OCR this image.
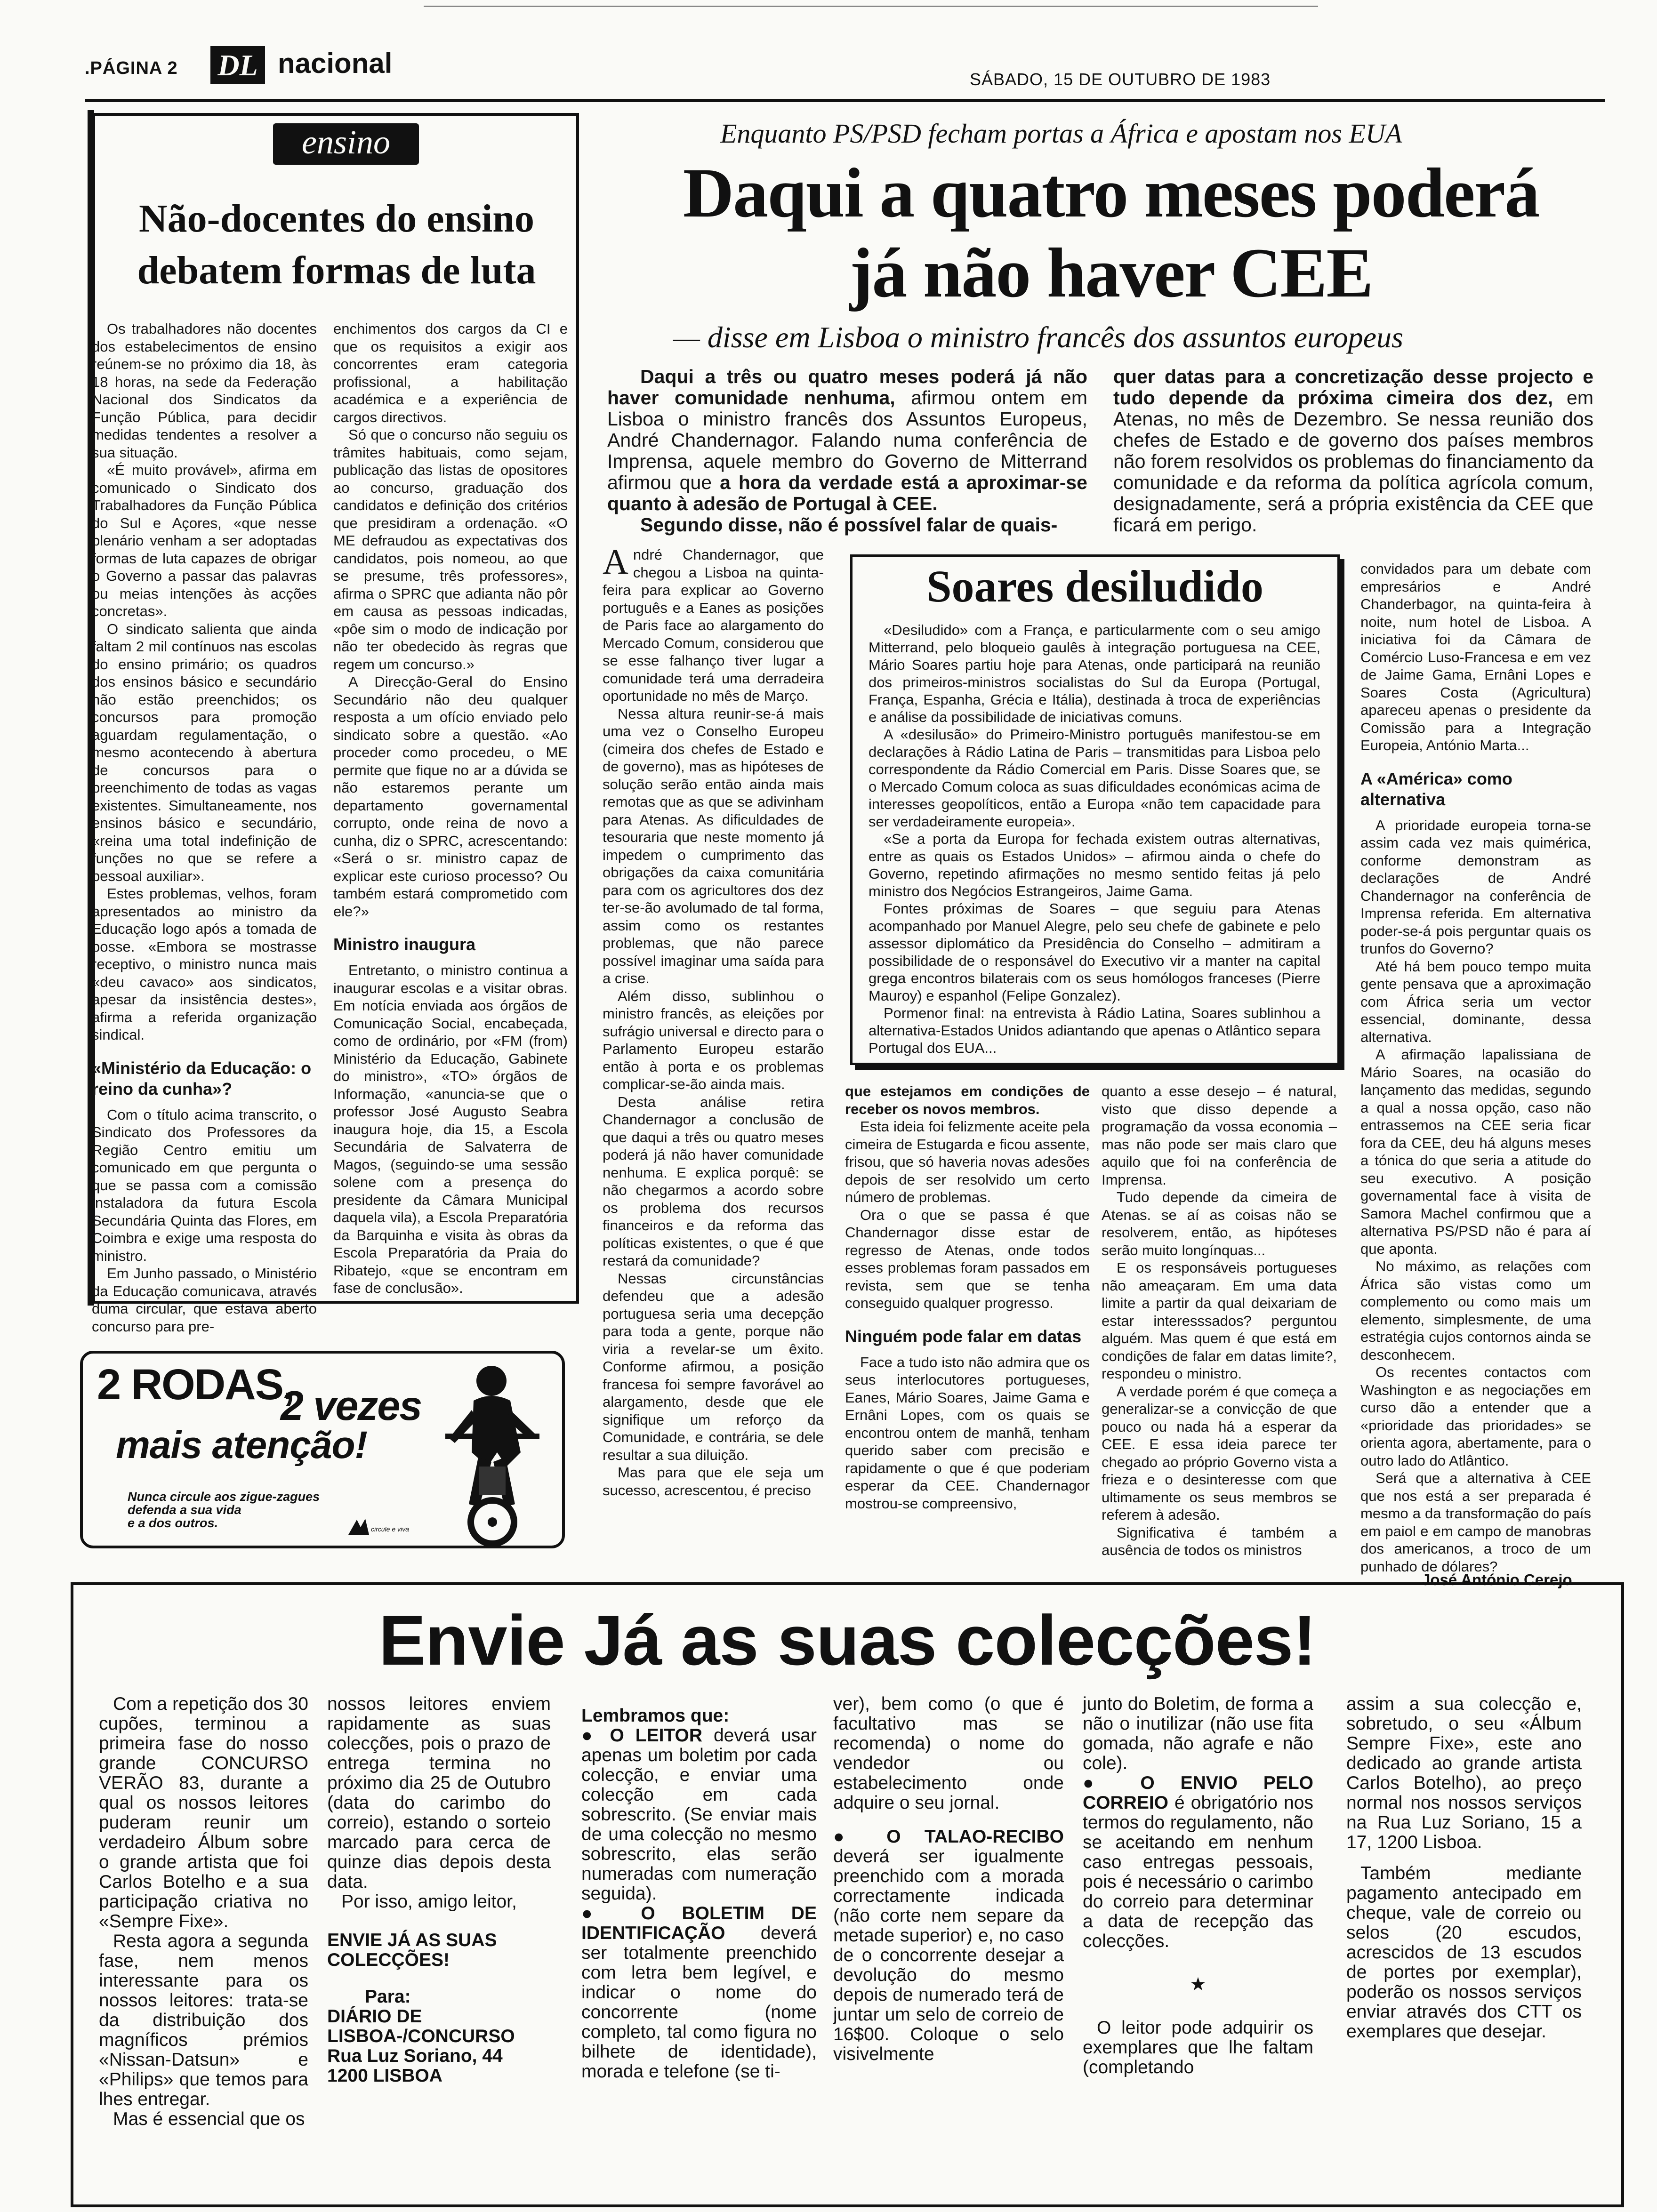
.PÁGINA 2 DL nacional
SÁBADO, 15 DE OUTUBRO DE 1983
ensino
Não-docentes do ensino
debatem formas de luta

Os trabalhadores não docentes dos estabelecimentos de ensino reúnem-se no próximo dia 18, às 18 horas, na sede da Federação Nacional dos Sindicatos da Função Pública, para decidir medidas tendentes a resolver a sua situação.

«É muito provável», afirma em comunicado o Sindicato dos Trabalhadores da Função Pública do Sul e Açores, «que nesse plenário venham a ser adoptadas formas de luta capazes de obrigar o Governo a passar das palavras ou meias intenções às acções concretas».

O sindicato salienta que ainda faltam 2 mil contínuos nas escolas do ensino primário; os quadros dos ensinos básico e secundário não estão preenchidos; os concursos para promoção aguardam regulamentação, o mesmo acontecendo à abertura de concursos para o preenchimento de todas as vagas existentes. Simultaneamente, nos ensinos básico e secundário, «reina uma total indefinição de funções no que se refere a pessoal auxiliar».

Estes problemas, velhos, foram apresentados ao ministro da Educação logo após a tomada de posse. «Embora se mostrasse receptivo, o ministro nunca mais «deu cavaco» aos sindicatos, apesar da insistência destes», afirma a referida organização sindical.

«Ministério da Educação: o reino da cunha»?

Com o título acima transcrito, o Sindicato dos Professores da Região Centro emitiu um comunicado em que pergunta o que se passa com a comissão instaladora da futura Escola Secundária Quinta das Flores, em Coimbra e exige uma resposta do ministro.

Em Junho passado, o Ministério da Educação comunicava, através duma circular, que estava aberto concurso para pre-

enchimentos dos cargos da CI e que os requisitos a exigir aos concorrentes eram categoria profissional, a habilitação académica e a experiência de cargos directivos.

Só que o concurso não seguiu os trâmites habituais, como sejam, publicação das listas de opositores ao concurso, graduação dos candidatos e definição dos critérios que presidiram a ordenação. «O ME defraudou as expectativas dos candidatos, pois nomeou, ao que se presume, três professores», afirma o SPRC que adianta não pôr em causa as pessoas indicadas, «pôe sim o modo de indicação por não ter obedecido às regras que regem um concurso.»

A Direcção-Geral do Ensino Secundário não deu qualquer resposta a um ofício enviado pelo sindicato sobre a questão. «Ao proceder como procedeu, o ME permite que fique no ar a dúvida se não estaremos perante um departamento governamental corrupto, onde reina de novo a cunha, diz o SPRC, acrescentando: «Será o sr. ministro capaz de explicar este curioso processo? Ou também estará comprometido com ele?»

Ministro inaugura

Entretanto, o ministro continua a inaugurar escolas e a visitar obras. Em notícia enviada aos órgãos de Comunicação Social, encabeçada, como de ordinário, por «FM (from) Ministério da Educação, Gabinete do ministro», «TO» órgãos de Informação, «anuncia-se que o professor José Augusto Seabra inaugura hoje, dia 15, a Escola Secundária de Salvaterra de Magos, (seguindo-se uma sessão solene com a presença do presidente da Câmara Municipal daquela vila), a Escola Preparatória da Barquinha e visita às obras da Escola Preparatória da Praia do Ribatejo, «que se encontram em fase de conclusão».

2 RODAS,
2 vezes
mais atenção!
Nunca circule aos zigue-zagues
defenda a sua vida
e a dos outros.	circule e viva
Enquanto PS/PSD fecham portas a África e apostam nos EUA
Daqui a quatro meses poderá
já não haver CEE
— disse em Lisboa o ministro francês dos assuntos europeus

Daqui a três ou quatro meses poderá já não haver comunidade nenhuma, afirmou ontem em Lisboa o ministro francês dos Assuntos Europeus, André Chandernagor. Falando numa conferência de Imprensa, aquele membro do Governo de Mitterrand afirmou que a hora da verdade está a aproximar-se quanto à adesão de Portugal à CEE.

Segundo disse, não é possível falar de quais-

quer datas para a concretização desse projecto e tudo depende da próxima cimeira dos dez, em Atenas, no mês de Dezembro. Se nessa reunião dos chefes de Estado e de governo dos países membros não forem resolvidos os problemas do financiamento da comunidade e da reforma da política agrícola comum, designadamente, será a própria existência da CEE que ficará em perigo.

André Chandernagor, que chegou a Lisboa na quinta-feira para explicar ao Governo português e a Eanes as posições de Paris face ao alargamento do Mercado Comum, considerou que se esse falhanço tiver lugar a comunidade terá uma derradeira oportunidade no mês de Março.

Nessa altura reunir-se-á mais uma vez o Conselho Europeu (cimeira dos chefes de Estado e de governo), mas as hipóteses de solução serão entāo ainda mais remotas que as que se adivinham para Atenas. As dificuldades de tesouraria que neste momento já impedem o cumprimento das obrigações da caixa comunitária para com os agricultores dos dez ter-se-ão avolumado de tal forma, assim como os restantes problemas, que não parece possível imaginar uma saída para a crise.

Além disso, sublinhou o ministro francês, as eleições por sufrágio universal e directo para o Parlamento Europeu estarão então à porta e os problemas complicar-se-ão ainda mais.

Desta análise retira Chandernagor a conclusão de que daqui a três ou quatro meses poderá já não haver comunidade nenhuma. E explica porquê: se não chegarmos a acordo sobre os problema dos recursos financeiros e da reforma das políticas existentes, o que é que restará da comunidade?

Nessas circunstâncias defendeu que a adesão portuguesa seria uma decepção para toda a gente, porque não viria a revelar-se um êxito. Conforme afirmou, a posição francesa foi sempre favorável ao alargamento, desde que ele signifique um reforço da Comunidade, e contrária, se dele resultar a sua diluição.

Mas para que ele seja um sucesso, acrescentou, é preciso

Soares desiludido

«Desiludido» com a França, e particularmente com o seu amigo Mitterrand, pelo bloqueio gaulês à integração portuguesa na CEE, Mário Soares partiu hoje para Atenas, onde participará na reunião dos primeiros-ministros socialistas do Sul da Europa (Portugal, França, Espanha, Grécia e Itália), destinada à troca de experiências e análise da possibilidade de iniciativas comuns.

A «desilusão» do Primeiro-Ministro português manifestou-se em declarações à Rádio Latina de Paris – transmitidas para Lisboa pelo correspondente da Rádio Comercial em Paris. Disse Soares que, se o Mercado Comum coloca as suas dificuldades económicas acima de interesses geopolíticos, então a Europa «não tem capacidade para ser verdadeiramente europeia».

«Se a porta da Europa for fechada existem outras alternativas, entre as quais os Estados Unidos» – afirmou ainda o chefe do Governo, repetindo afirmações no mesmo sentido feitas já pelo ministro dos Negócios Estrangeiros, Jaime Gama.

Fontes próximas de Soares – que seguiu para Atenas acompanhado por Manuel Alegre, pelo seu chefe de gabinete e pelo assessor diplomático da Presidência do Conselho – admitiram a possibilidade de o responsável do Executivo vir a manter na capital grega encontros bilaterais com os seus homólogos franceses (Pierre Mauroy) e espanhol (Felipe Gonzalez).

Pormenor final: na entrevista à Rádio Latina, Soares sublinhou a alternativa-Estados Unidos adiantando que apenas o Atlântico separa Portugal dos EUA...

que estejamos em condições de receber os novos membros.

Esta ideia foi felizmente aceite pela cimeira de Estugarda e ficou assente, frisou, que só haveria novas adesões depois de ser resolvido um certo número de problemas.

Ora o que se passa é que Chandernagor disse estar de regresso de Atenas, onde todos esses problemas foram passados em revista, sem que se tenha conseguido qualquer progresso.

Ninguém pode falar em datas

Face a tudo isto não admira que os seus interlocutores portugueses, Eanes, Mário Soares, Jaime Gama e Ernâni Lopes, com os quais se encontrou ontem de manhã, tenham querido saber com precisão e rapidamente o que é que poderiam esperar da CEE. Chandernagor mostrou-se compreensivo,

quanto a esse desejo – é natural, visto que disso depende a programação da vossa economia – mas não pode ser mais claro que aquilo que foi na conferência de Imprensa.

Tudo depende da cimeira de Atenas. se aí as coisas não se resolverem, então, as hipóteses serão muito longínquas...

E os responsáveis portugueses não ameaçaram. Em uma data limite a partir da qual deixariam de estar interesssados? perguntou alguém. Mas quem é que está em condições de falar em datas limite?, respondeu o ministro.

A verdade porém é que começa a generalizar-se a convicção de que pouco ou nada há a esperar da CEE. E essa ideia parece ter chegado ao próprio Governo vista a frieza e o desinteresse com que ultimamente os seus membros se referem à adesão.

Significativa é também a ausência de todos os ministros

convidados para um debate com empresários e André Chanderbagor, na quinta-feira à noite, num hotel de Lisboa. A iniciativa foi da Câmara de Comércio Luso-Francesa e em vez de Jaime Gama, Ernâni Lopes e Soares Costa (Agricultura) apareceu apenas o presidente da Comissão para a Integração Europeia, António Marta...

A «América» como alternativa

A prioridade europeia torna-se assim cada vez mais quimérica, conforme demonstram as declarações de André Chandernagor na conferência de Imprensa referida. Em alternativa poder-se-á pois perguntar quais os trunfos do Governo?

Até há bem pouco tempo muita gente pensava que a aproximação com África seria um vector essencial, dominante, dessa alternativa.

A afirmação lapalissiana de Mário Soares, na ocasião do lançamento das medidas, segundo a qual a nossa opção, caso não entrassemos na CEE seria ficar fora da CEE, deu há alguns meses a tónica do que seria a atitude do seu executivo. A posição governamental face à visita de Samora Machel confirmou que a alternativa PS/PSD não é para aí que aponta.

No máximo, as relações com África são vistas como um complemento ou como mais um elemento, simplesmente, de uma estratégia cujos contornos ainda se desconhecem.

Os recentes contactos com Washington e as negociações em curso dão a entender que a «prioridade das prioridades» se orienta agora, abertamente, para o outro lado do Atlântico.

Será que a alternativa à CEE que nos está a ser preparada é mesmo a da transformação do país em paiol e em campo de manobras dos americanos, a troco de um punhado de dólares?

José António Cerejo
Envie Já as suas colecções!

Com a repetição dos 30 cupões, terminou a primeira fase do nosso grande CONCURSO VERÃO 83, durante a qual os nossos leitores puderam reunir um verdadeiro Álbum sobre o grande artista que foi Carlos Botelho e a sua participação criativa no «Sempre Fixe».

Resta agora a segunda fase, nem menos interessante para os nossos leitores: trata-se da distribuição dos magníficos prémios «Nissan-Datsun» e «Philips» que temos para lhes entregar.

Mas é essencial que os

nossos leitores enviem rapidamente as suas colecções, pois o prazo de entrega termina no próximo dia 25 de Outubro (data do carimbo do correio), estando o sorteio marcado para cerca de quinze dias depois desta data.

Por isso, amigo leitor,

ENVIE JÁ AS SUAS COLECÇÕES!

Para:

DIÁRIO DE LISBOA-/CONCURSO

Rua Luz Soriano, 44

1200 LISBOA

Lembramos que:

● O LEITOR deverá usar apenas um boletim por cada colecção, e enviar uma colecção em cada sobrescrito. (Se enviar mais de uma colecção no mesmo sobrescrito, elas serão numeradas com numeração seguida).

● O BOLETIM DE IDENTIFICAÇÃO deverá ser totalmente preenchido com letra bem legível, e indicar o nome do concorrente (nome completo, tal como figura no bilhete de identidade), morada e telefone (se ti-

ver), bem como (o que é facultativo mas se recomenda) o nome do vendedor ou estabelecimento onde adquire o seu jornal.

● O TALAO-RECIBO deverá ser igualmente preenchido com a morada correctamente indicada (não corte nem separe da metade superior) e, no caso de o concorrente desejar a devolução do mesmo depois de numerado terá de juntar um selo de correio de 16$00. Coloque o selo visivelmente

junto do Boletim, de forma a não o inutilizar (não use fita gomada, não agrafe e não cole).

● O ENVIO PELO CORREIO é obrigatório nos termos do regulamento, não se aceitando em nenhum caso entregas pessoais, pois é necessário o carimbo do correio para determinar a data de recepção das colecções.

★

O leitor pode adquirir os exemplares que lhe faltam (completando

assim a sua colecção e, sobretudo, o seu «Álbum Sempre Fixe», este ano dedicado ao grande artista Carlos Botelho), ao preço normal nos nossos serviços na Rua Luz Soriano, 15 a 17, 1200 Lisboa.

Também mediante pagamento antecipado em cheque, vale de correio ou selos (20 escudos, acrescidos de 13 escudos de portes por exemplar), poderão os nossos serviços enviar através dos CTT os exemplares que desejar.
